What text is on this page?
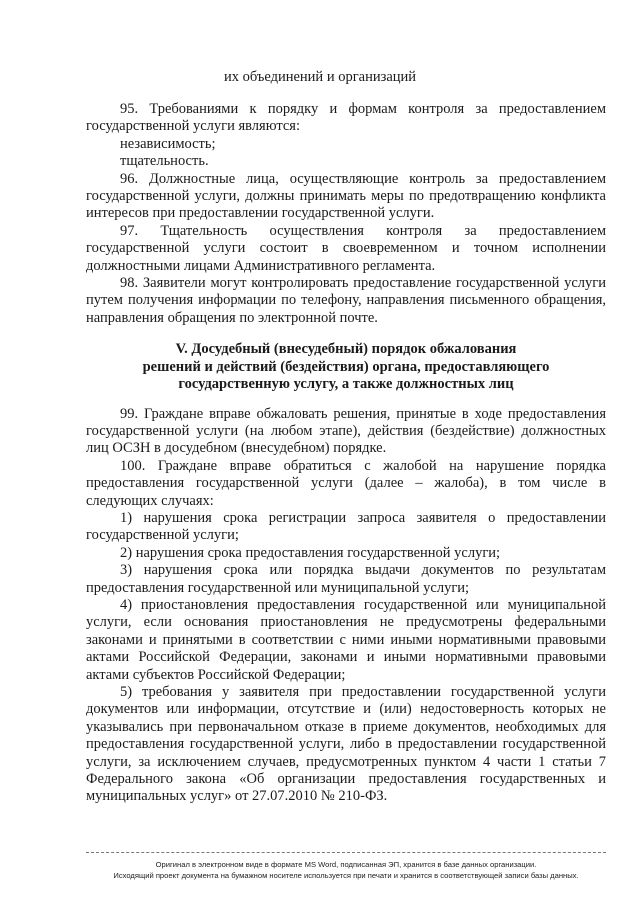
их объединений и организаций

95. Требованиями к порядку и формам контроля за предоставлением государственной услуги являются:

независимость;

тщательность.

96. Должностные лица, осуществляющие контроль за предоставлением государственной услуги, должны принимать меры по предотвращению конфликта интересов при предоставлении государственной услуги.

97. Тщательность осуществления контроля за предоставлением государственной услуги состоит в своевременном и точном исполнении должностными лицами Административного регламента.

98. Заявители могут контролировать предоставление государственной услуги путем получения информации по телефону, направления письменного обращения, направления обращения по электронной почте.

V. Досудебный (внесудебный) порядок обжалования
решений и действий (бездействия) органа, предоставляющего
государственную услугу, а также должностных лиц

99. Граждане вправе обжаловать решения, принятые в ходе предоставления государственной услуги (на любом этапе), действия (бездействие) должностных лиц ОСЗН в досудебном (внесудебном) порядке.

100. Граждане вправе обратиться с жалобой на нарушение порядка предоставления государственной услуги (далее – жалоба), в том числе в следующих случаях:

1) нарушения срока регистрации запроса заявителя о предоставлении государственной услуги;

2) нарушения срока предоставления государственной услуги;

3) нарушения срока или порядка выдачи документов по результатам предоставления государственной или муниципальной услуги;

4) приостановления предоставления государственной или муниципальной услуги, если основания приостановления не предусмотрены федеральными законами и принятыми в соответствии с ними иными нормативными правовыми актами Российской Федерации, законами и иными нормативными правовыми актами субъектов Российской Федерации;

5) требования у заявителя при предоставлении государственной услуги документов или информации, отсутствие и (или) недостоверность которых не указывались при первоначальном отказе в приеме документов, необходимых для предоставления государственной услуги, либо в предоставлении государственной услуги, за исключением случаев, предусмотренных пунктом 4 части 1 статьи 7 Федерального закона «Об организации предоставления государственных и муниципальных услуг» от 27.07.2010 № 210-ФЗ.

Оригинал в электронном виде в формате MS Word, подписанная ЭП, хранится в базе данных организации.

Исходящий проект документа на бумажном носителе используется при печати и хранится в соответствующей записи базы данных.
